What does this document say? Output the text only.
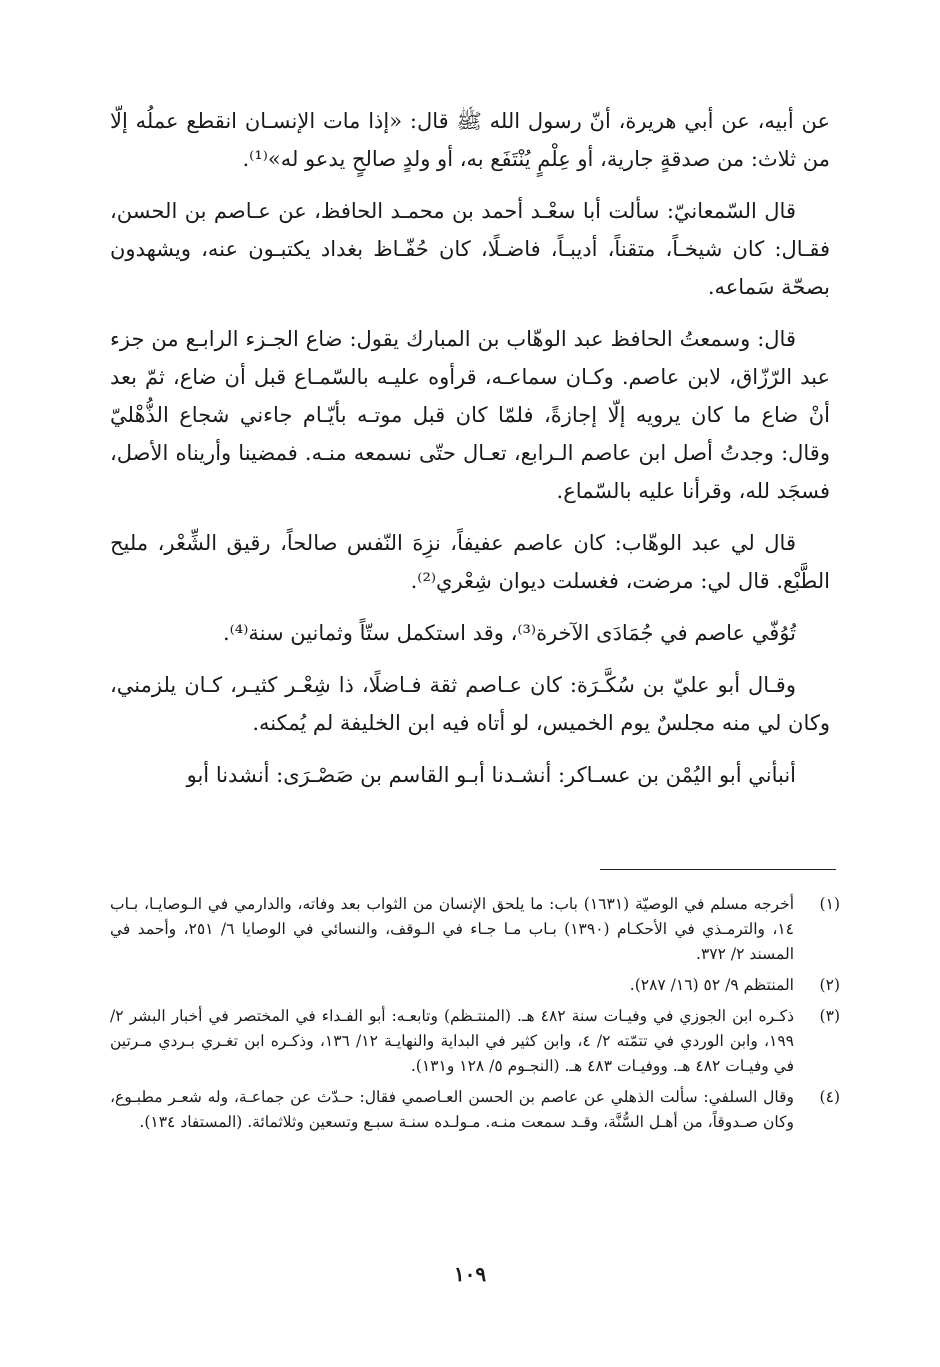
عن أبيه، عن أبي هريرة، أنّ رسول الله ﷺ قال: «إذا مات الإنسـان انقطع عملُه إلّا من ثلاث: من صدقةٍ جارية، أو عِلْمٍ يُنْتَفَع به، أو ولدٍ صالحٍ يدعو له»⁽¹⁾.

قال السّمعانيّ: سألت أبا سعْـد أحمد بن محمـد الحافظ، عن عـاصم بن الحسن، فقـال: كان شيخـاً، متقناً، أديبـاً، فاضـلًا، كان حُفّـاظ بغداد يكتبـون عنه، ويشهدون بصحّة سَماعه.

قال: وسمعتُ الحافظ عبد الوهّاب بن المبارك يقول: ضاع الجـزء الرابـع من جزء عبد الرّزّاق، لابن عاصم. وكـان سماعـه، قرأوه عليـه بالسّمـاع قبل أن ضاع، ثمّ بعد أنْ ضاع ما كان يرويه إلّا إجازةً، فلمّا كان قبل موتـه بأيّـام جاءني شجاع الذُّهْليّ وقال: وجدتُ أصل ابن عاصم الـرابع، تعـال حتّى نسمعه منـه. فمضينا وأريناه الأصل، فسجَد لله، وقرأنا عليه بالسّماع.

قال لي عبد الوهّاب: كان عاصم عفيفاً، نزِهَ النّفس صالحاً، رقيق الشِّعْر، مليح الطَّبْع. قال لي: مرضت، فغسلت ديوان شِعْري⁽²⁾.

تُوُفّي عاصم في جُمَادَى الآخرة⁽³⁾، وقد استكمل ستّاً وثمانين سنة⁽⁴⁾.

وقـال أبو عليّ بن سُكَّـرَة: كان عـاصم ثقة فـاضلًا، ذا شِعْـر كثيـر، كـان يلزمني، وكان لي منه مجلسٌ يوم الخميس، لو أتاه فيه ابن الخليفة لم يُمكنه.

أنبأني أبو اليُمْن بن عسـاكر: أنشـدنا أبـو القاسم بن صَصْـرَى: أنشدنا أبو

(١)
أخرجه مسلم في الوصيّة (١٦٣١) باب: ما يلحق الإنسان من الثواب بعد وفاته، والدارمي في الـوصايـا، بـاب ١٤، والترمـذي في الأحكـام (١٣٩٠) بـاب مـا جـاء في الـوقف، والنسائي في الوصايا ٦/ ٢٥١، وأحمد في المسند ٢/ ٣٧٢.
(٢)
المنتظم ٩/ ٥٢ (١٦/ ٢٨٧).
(٣)
ذكـره ابن الجوزي في وفيـات سنة ٤٨٢ هـ. (المنتـظم) وتابعـه: أبو الفـداء في المختصر في أخبار البشر ٢/ ١٩٩، وابن الوردي في تتمّته ٢/ ٤، وابن كثير في البداية والنهايـة ١٢/ ١٣٦، وذكـره ابن تغـري بـردي مـرتين في وفيـات ٤٨٢ هـ. ووفيـات ٤٨٣ هـ. (النجـوم ٥/ ١٢٨ و١٣١).
(٤)
وقال السلفي: سألت الذهلي عن عاصم بن الحسن العـاصمي فقال: حـدّث عن جماعـة، وله شعـر مطبـوع، وكان صـدوقاً، من أهـل السُّنَّة، وقـد سمعت منـه. مـولـده سنـة سبـع وتسعين وثلاثمائة. (المستفاد ١٣٤).
١٠٩
